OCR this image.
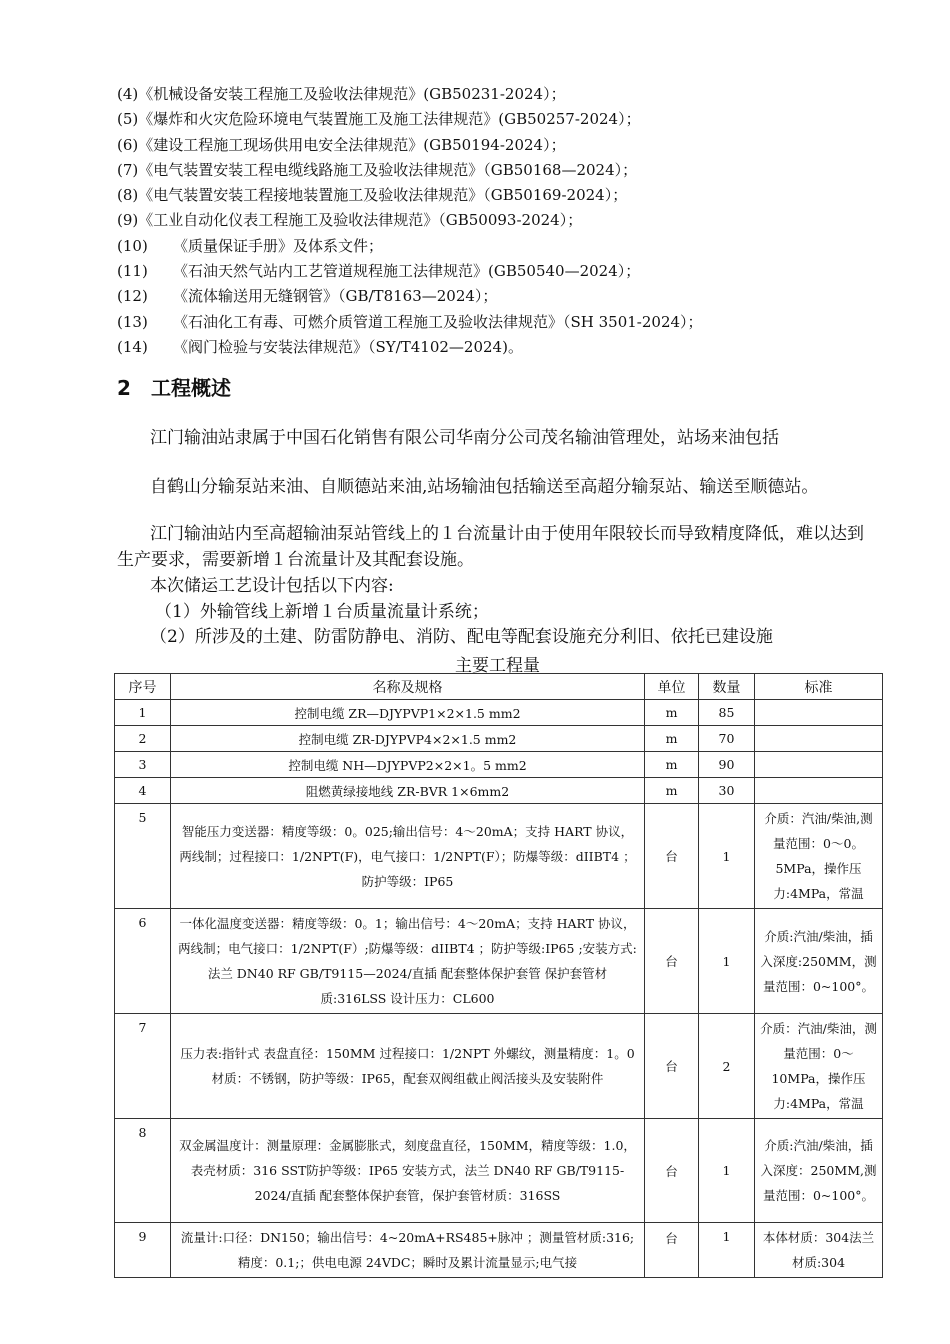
(4)《机械设备安装工程施工及验收法律规范》(GB50231-2024）；
(5)《爆炸和火灾危险环境电气装置施工及施工法律规范》(GB50257-2024）；
(6)《建设工程施工现场供用电安全法律规范》(GB50194-2024）；
(7)《电气装置安装工程电缆线路施工及验收法律规范》（GB50168—2024）；
(8)《电气装置安装工程接地装置施工及验收法律规范》（GB50169-2024）；
(9)《工业自动化仪表工程施工及验收法律规范》（GB50093-2024）；
(10) 《质量保证手册》及体系文件；
(11) 《石油天然气站内工艺管道规程施工法律规范》(GB50540—2024）；
(12) 《流体输送用无缝钢管》（GB/T8163—2024）；
(13) 《石油化工有毒、可燃介质管道工程施工及验收法律规范》（SH 3501-2024）；
(14) 《阀门检验与安装法律规范》（SY/T4102—2024)。
2 工程概述
江门输油站隶属于中国石化销售有限公司华南分公司茂名输油管理处，站场来油包括
自鹤山分输泵站来油、自顺德站来油,站场输油包括输送至高超分输泵站、输送至顺德站。
江门输油站内至高超输油泵站管线上的１台流量计由于使用年限较长而导致精度降低，难以达到生产要求，需要新增１台流量计及其配套设施。
本次储运工艺设计包括以下内容:
（1）外输管线上新增１台质量流量计系统；
（2）所涉及的土建、防雷防静电、消防、配电等配套设施充分利旧、依托已建设施
主要工程量
序号	名称及规格	单位	数量	标准
1	控制电缆 ZR—DJYPVP1×2×1.5 mm2	m	85	
2	控制电缆 ZR-DJYPVP4×2×1.5 mm2	m	70	
3	控制电缆 NH—DJYPVP2×2×1。5 mm2	m	90	
4	阻燃黄绿接地线 ZR-BVR 1×6mm2	m	30	
5	智能压力变送器：精度等级：0。025;输出信号：4～20mA；支持 HART 协议，两线制；过程接口：1/2NPT(F)，电气接口：1/2NPT(F）；防爆等级：dIIBT4 ；防护等级：IP65	台	1	介质：汽油/柴油,测量范围：0～0。5MPa，操作压力:4MPa，常温
6	一体化温度变送器：精度等级：0。1；输出信号：4～20mA；支持 HART 协议，两线制；电气接口：1/2NPT(F）;防爆等级：dIIBT4 ；防护等级:IP65 ;安装方式:法兰 DN40 RF GB/T9115—2024/直插 配套整体保护套管 保护套管材质:316LSS 设计压力：CL600	台	1	介质:汽油/柴油，插入深度:250MM，测量范围：0~100°。
7	压力表:指针式 表盘直径：150MM 过程接口：1/2NPT 外螺纹，测量精度：1。0 材质：不锈钢，防护等级：IP65，配套双阀组截止阀活接头及安装附件	台	2	介质：汽油/柴油，测量范围：0～10MPa，操作压力:4MPa，常温
8	双金属温度计：测量原理：金属膨胀式，刻度盘直径，150MM，精度等级：1.0，表壳材质：316 SST防护等级：IP65 安装方式，法兰 DN40 RF GB/T9115-2024/直插 配套整体保护套管，保护套管材质：316SS	台	1	介质:汽油/柴油，插入深度：250MM,测量范围：0~100°。
9	流量计:口径：DN150；输出信号：4~20mA+RS485+脉冲 ；测量管材质:316;精度：0.1;；供电电源 24VDC；瞬时及累计流量显示;电气接	台	1	本体材质：304法兰材质:304
